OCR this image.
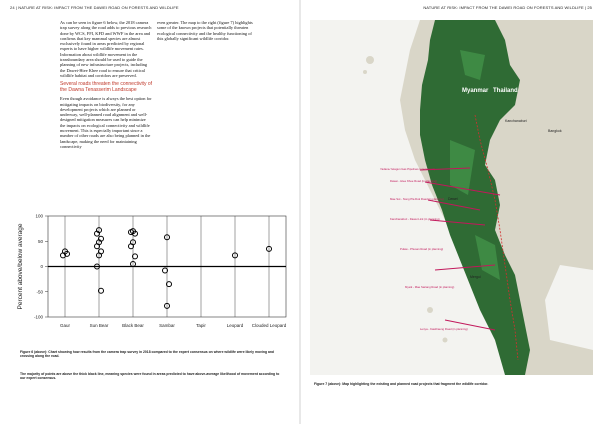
24 | NATURE AT RISK: IMPACT FROM THE DAWEI ROAD ON FORESTS AND WILDLIFE

As can be seen in figure 6 below, the 2018 camera trap survey along the road adds to previous research done by WCS, FFI, KFD and WWF in the area and confirms that key mammal species are almost exclusively found in areas predicted by regional experts to have higher wildlife movement rates. Information about wildlife movement in the transboundary area should be used to guide the planning of new infrastructure projects, including the Dawei-Htee Khee road to ensure that critical wildlife habitat and corridors are preserved.

Several roads threaten the connectivity of the Dawna Tenasserim Landscape

Even though avoidance is always the best option for mitigating impacts on biodiversity, for any development projects which are planned or underway, well-planned road alignment and well-designed mitigation measures can help minimize the impacts on ecological connectivity and wildlife movement. This is especially important since a number of other roads are also being planned in the landscape, making the need for maintaining connectivity

even greater. The map to the right (figure 7) highlights some of the known projects that potentially threaten ecological connectivity and the healthy functioning of this globally significant wildlife corridor.

-100
-50
0
50
100
Percent above/below average
Gaur	Sun Bear	Black Bear	Sambar	Tapir	Leopard Clouded Leopard
Figure 6 (above): Chart showing how results from the camera trap survey in 2018 compared to the expert consensus on where wildlife were likely moving and crossing along the road.
The majority of points are above the thick black line, meaning species were found in areas predicted to have above-average likelihood of movement according to our expert consensus.
NATURE AT RISK: IMPACT FROM THE DAWEI ROAD ON FORESTS AND WILDLIFE | 25
Myanmar Thailand
Bangkok
Kanchanaburi
Dawei
Mergui
Yadana-Yetagun Gas Pipelines (operational)
Dawei - Htee Khee Road (in planning)
Mae Sot - Nong Pla Duk Road (in planning)
Kanchanaburi - Dawei Link (in planning)
Pulaw - Phusan Road (in planning)
Myeik - Mae Sariang Road (in planning)
Lenya - Kawthaung Road (in planning)
Figure 7 (above): Map highlighting the existing and planned road projects that fragment the wildlife corridor.
